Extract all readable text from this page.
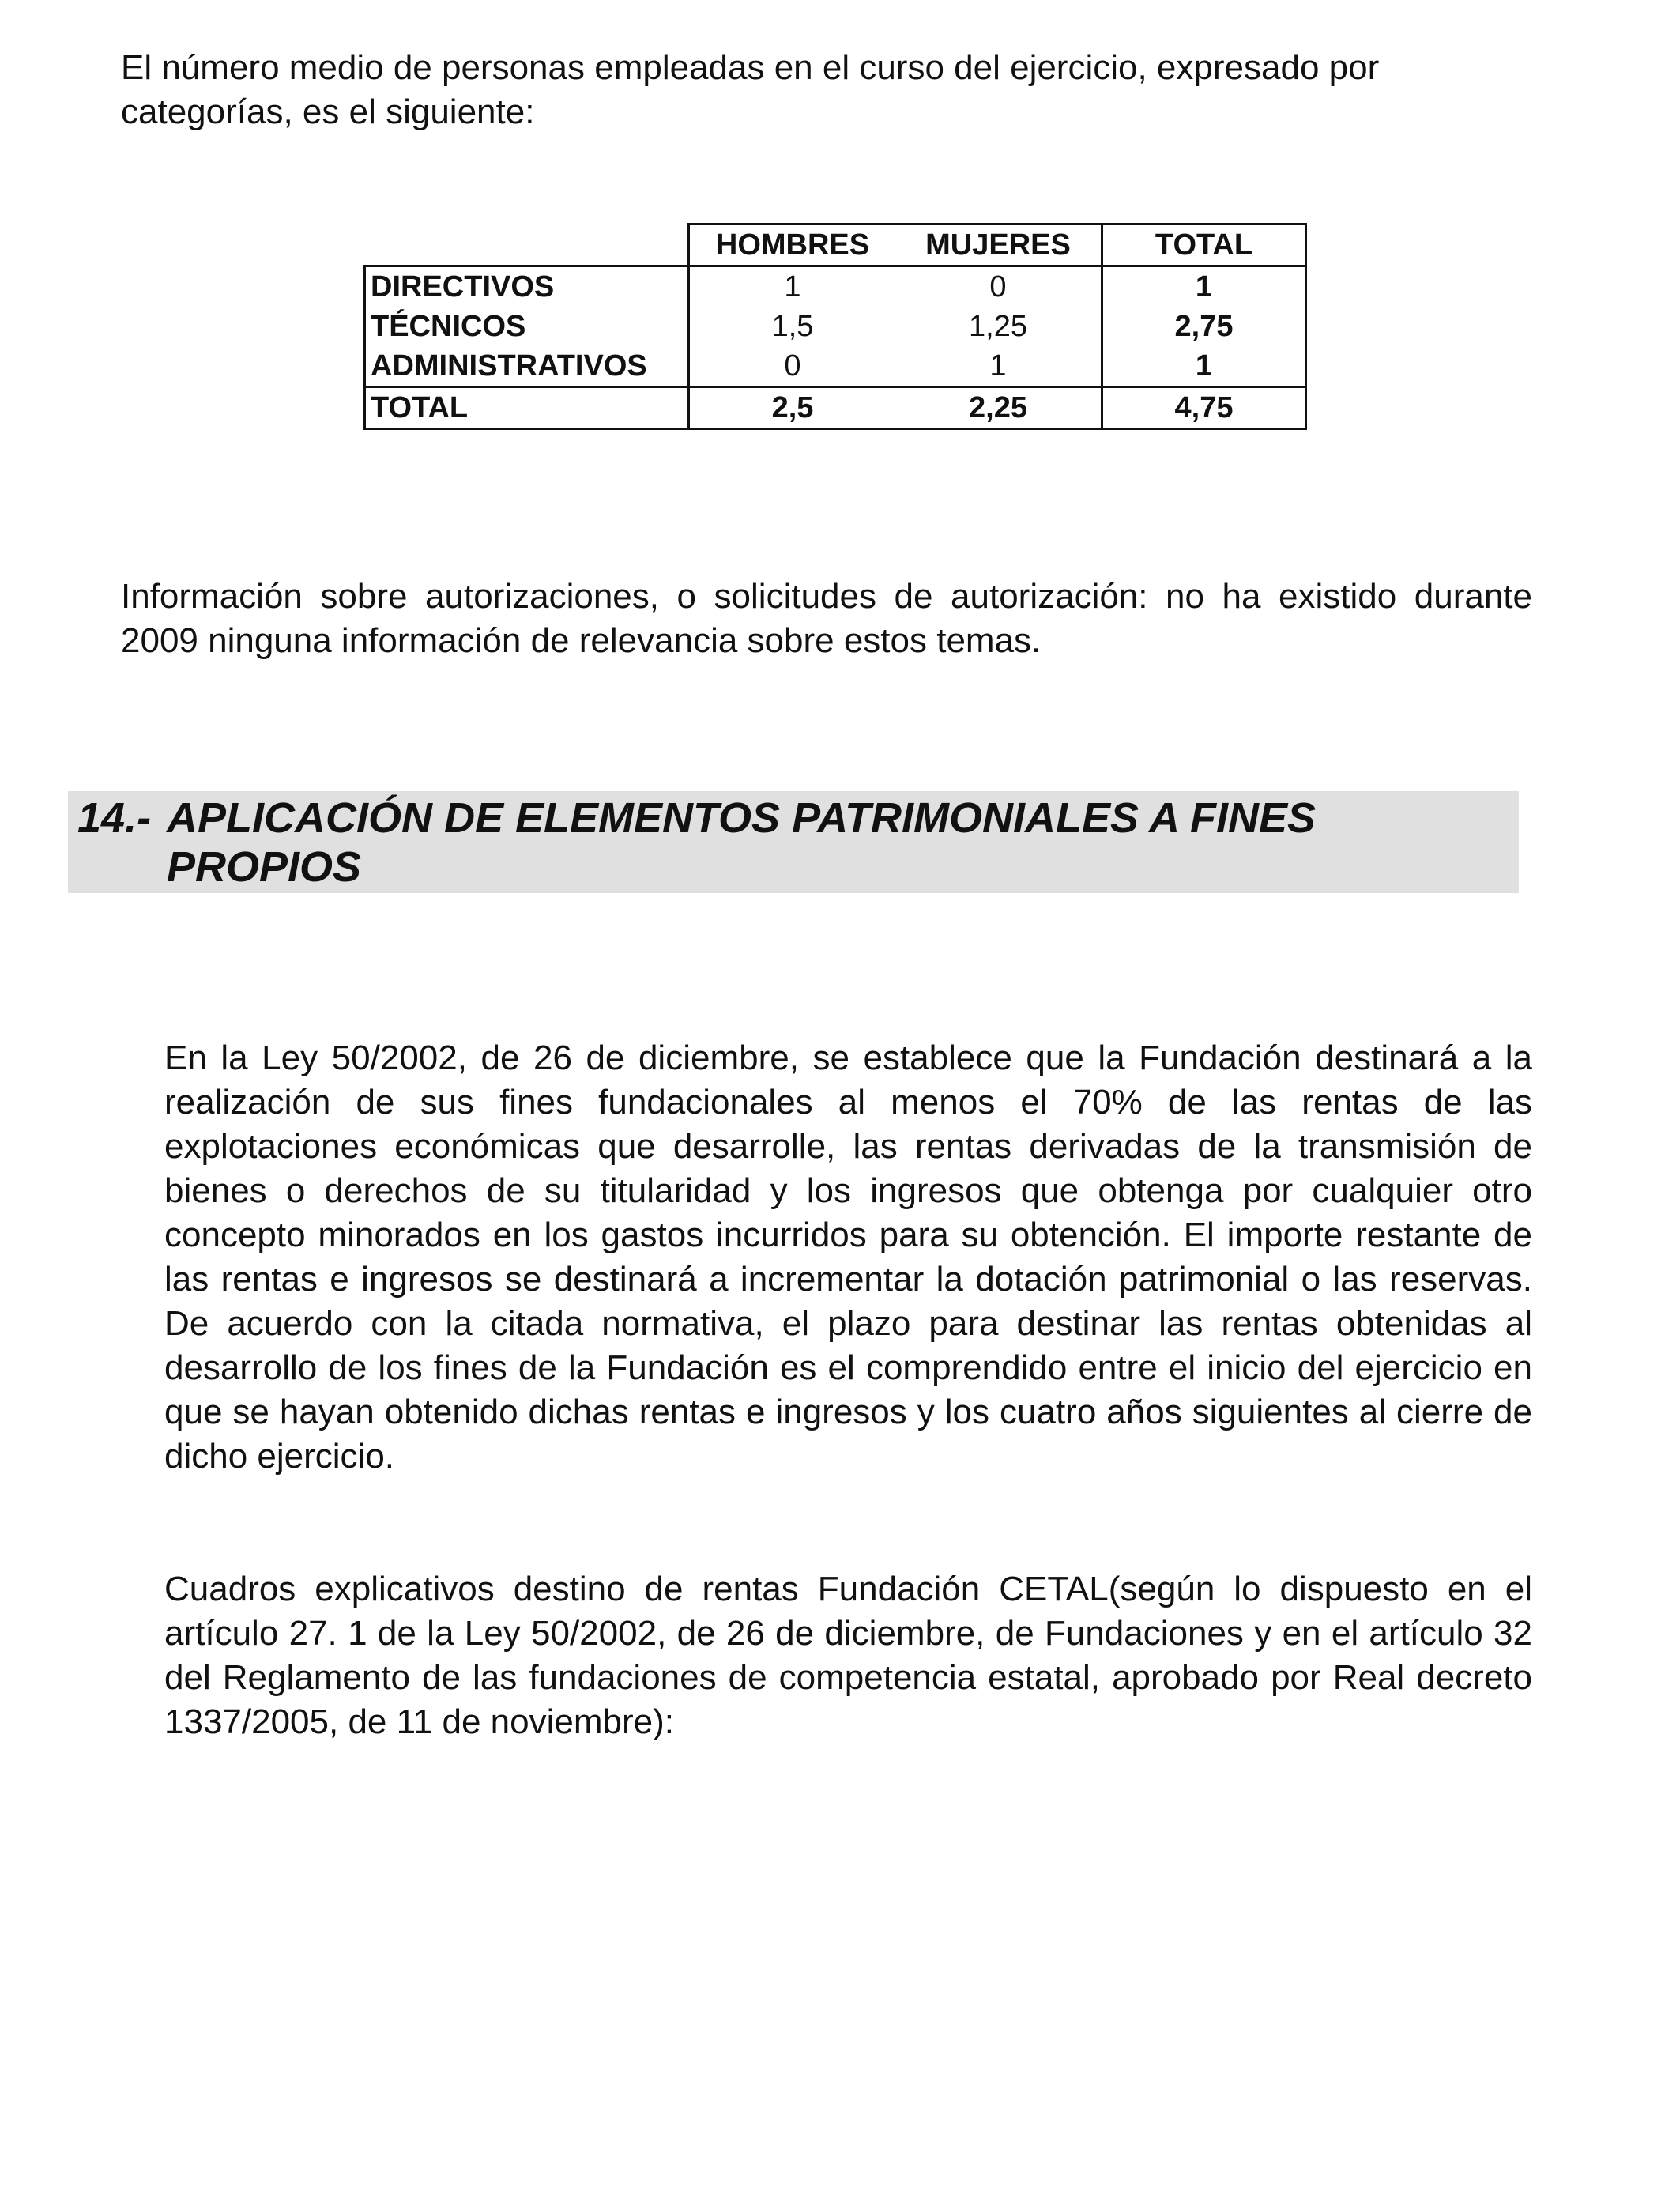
El número medio de personas empleadas en el curso del ejercicio, expresado por categorías, es el siguiente:

	HOMBRES	MUJERES	TOTAL
DIRECTIVOS	1	0	1
TÉCNICOS	1,5	1,25	2,75
ADMINISTRATIVOS	0	1	1
TOTAL	2,5	2,25	4,75

Información sobre autorizaciones, o solicitudes de autorización: no ha existido durante 2009 ninguna información de relevancia sobre estos temas.

14.- APLICACIÓN DE ELEMENTOS PATRIMONIALES A FINES PROPIOS

En la Ley 50/2002, de 26 de diciembre, se establece que la Fundación destinará a la realización de sus fines fundacionales al menos el 70% de las rentas de las explotaciones económicas que desarrolle, las rentas derivadas de la transmisión de bienes o derechos de su titularidad y los ingresos que obtenga por cualquier otro concepto minorados en los gastos incurridos para su obtención. El importe restante de las rentas e ingresos se destinará a incrementar la dotación patrimonial o las reservas. De acuerdo con la citada normativa, el plazo para destinar las rentas obtenidas al desarrollo de los fines de la Fundación es el comprendido entre el inicio del ejercicio en que se hayan obtenido dichas rentas e ingresos y los cuatro años siguientes al cierre de dicho ejercicio.

Cuadros explicativos destino de rentas Fundación CETAL(según lo dispuesto en el artículo 27. 1 de la Ley 50/2002, de 26 de diciembre, de Fundaciones y en el artículo 32 del Reglamento de las fundaciones de competencia estatal, aprobado por Real decreto 1337/2005, de 11 de noviembre):
